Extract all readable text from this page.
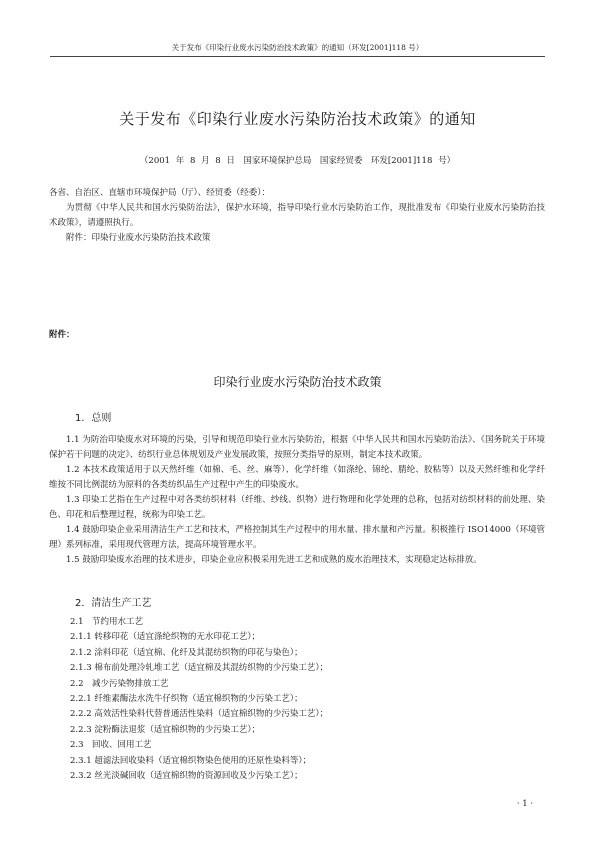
关于发布《印染行业废水污染防治技术政策》的通知（环发[2001]118 号）
关于发布《印染行业废水污染防治技术政策》的通知
（2001 年 8 月 8 日　国家环境保护总局　国家经贸委　环发[2001]118 号）

各省、自治区、直辖市环境保护局（厅）、经贸委（经委）：

为贯彻《中华人民共和国水污染防治法》，保护水环境，指导印染行业水污染防治工作，现批准发布《印染行业废水污染防治技术政策》，请遵照执行。

附件：印染行业废水污染防治技术政策

附件：
印染行业废水污染防治技术政策
1．总则

1.1 为防治印染废水对环境的污染，引导和规范印染行业水污染防治，根据《中华人民共和国水污染防治法》、《国务院关于环境保护若干问题的决定》、纺织行业总体规划及产业发展政策，按照分类指导的原则，制定本技术政策。

1.2 本技术政策适用于以天然纤维（如棉、毛、丝、麻等）、化学纤维（如涤纶、锦纶、腈纶、胶粘等）以及天然纤维和化学纤维按不同比例混纺为原料的各类纺织品生产过程中产生的印染废水。

1.3 印染工艺指在生产过程中对各类纺织材料（纤维、纱线、织物）进行物理和化学处理的总称，包括对纺织材料的前处理、染色、印花和后整理过程，统称为印染工艺。

1.4 鼓励印染企业采用清洁生产工艺和技术，严格控制其生产过程中的用水量、排水量和产污量。积极推行 ISO14000（环境管理）系列标准，采用现代管理方法，提高环境管理水平。

1.5 鼓励印染废水治理的技术进步，印染企业应积极采用先进工艺和成熟的废水治理技术，实现稳定达标排放。

2．清洁生产工艺
2.1　节约用水工艺
2.1.1 转移印花（适宜涤纶织物的无水印花工艺）；
2.1.2 涂料印花（适宜棉、化纤及其混纺织物的印花与染色）；
2.1.3 棉布前处理冷轧堆工艺（适宜棉及其混纺织物的少污染工艺）；
2.2　减少污染物排放工艺
2.2.1 纤维素酶法水洗牛仔织物（适宜棉织物的少污染工艺）；
2.2.2 高效活性染料代替普通活性染料（适宜棉织物的少污染工艺）；
2.2.3 淀粉酶法退浆（适宜棉织物的少污染工艺）；
2.3　回收、回用工艺
2.3.1 超滤法回收染料（适宜棉织物染色使用的还原性染料等）；
2.3.2 丝光淡碱回收（适宜棉织物的资源回收及少污染工艺）；
· 1 ·
